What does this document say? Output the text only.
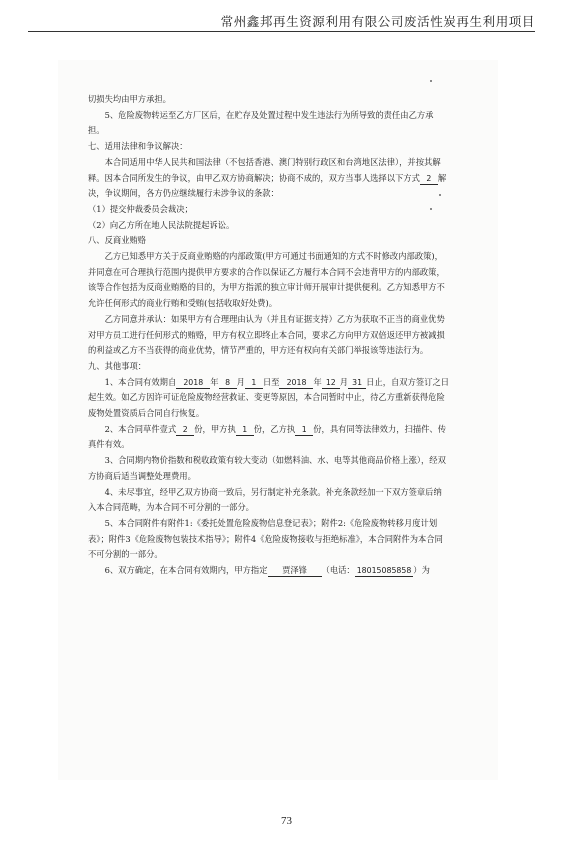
常州鑫邦再生资源利用有限公司废活性炭再生利用项目

切损失均由甲方承担。

5、危险废物转运至乙方厂区后，在贮存及处置过程中发生违法行为所导致的责任由乙方承担。

七、适用法律和争议解决：

本合同适用中华人民共和国法律（不包括香港、澳门特别行政区和台湾地区法律），并按其解释。因本合同所发生的争议，由甲乙双方协商解决；协商不成的，双方当事人选择以下方式 2 解决，争议期间，各方仍应继续履行未涉争议的条款：

（1）提交仲裁委员会裁决；

（2）向乙方所在地人民法院提起诉讼。

八、反商业贿赂

乙方已知悉甲方关于反商业贿赂的内部政策(甲方可通过书面通知的方式不时修改内部政策)，并同意在可合理执行范围内提供甲方要求的合作以保证乙方履行本合同不会违背甲方的内部政策，该等合作包括为反商业贿赂的目的，为甲方指派的独立审计师开展审计提供便利。乙方知悉甲方不允许任何形式的商业行贿和受贿(包括收取好处费)。

乙方同意并承认：如果甲方有合理理由认为（并且有证据支持）乙方为获取不正当的商业优势对甲方员工进行任何形式的贿赂，甲方有权立即终止本合同，要求乙方向甲方双倍返还甲方被减损的利益或乙方不当获得的商业优势，情节严重的，甲方还有权向有关部门举报该等违法行为。

九、其他事项：

1、本合同有效期自 2018 年 8 月 1 日至 2018 年 12 月 31 日止，自双方签订之日起生效。如乙方因许可证危险废物经营救证、变更等原因，本合同暂时中止，待乙方重新获得危险废物处置资质后合同自行恢复。

2、本合同草件壹式 2 份，甲方执 1 份，乙方执 1 份，具有同等法律效力，扫描件、传真件有效。

3、合同期内物价指数和税收政策有较大变动（如燃料油、水、电等其他商品价格上涨），经双方协商后适当调整处理费用。

4、未尽事宜，经甲乙双方协商一致后，另行制定补充条款。补充条款经加一下双方签章后纳入本合同范畴，为本合同不可分割的一部分。

5、本合同附件有附件1:《委托处置危险废物信息登记表》；附件2:《危险废物转移月度计划表》；附件3《危险废物包装技术指导》；附件4《危险废物接收与拒绝标准》，本合同附件为本合同不可分割的一部分。

6、双方确定，在本合同有效期内，甲方指定 贾泽锋 （电话： 18015085858 ）为

73
